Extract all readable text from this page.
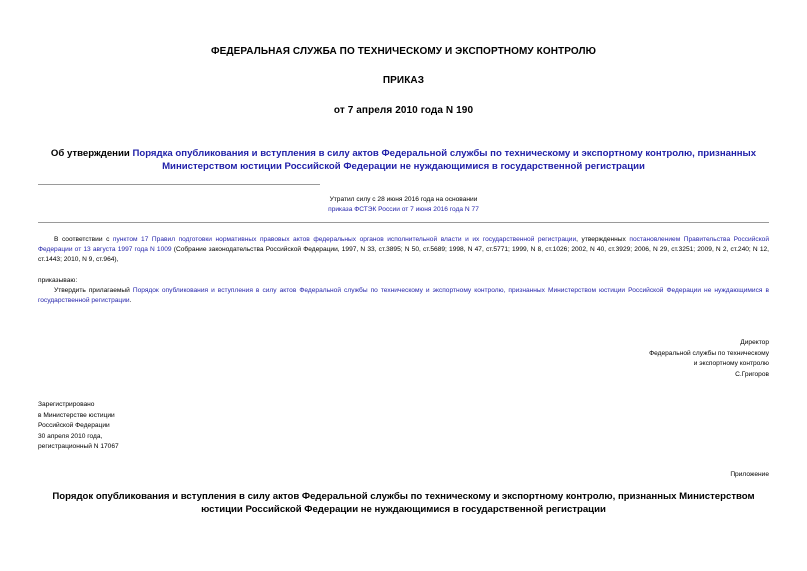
ФЕДЕРАЛЬНАЯ СЛУЖБА ПО ТЕХНИЧЕСКОМУ И ЭКСПОРТНОМУ КОНТРОЛЮ
ПРИКАЗ
от 7 апреля 2010 года N 190
Об утверждении Порядка опубликования и вступления в силу актов Федеральной службы по техническому и экспортному контролю, признанных Министерством юстиции Российской Федерации не нуждающимися в государственной регистрации
Утратил силу с 28 июня 2016 года на основании
приказа ФСТЭК России от 7 июня 2016 года N 77
В соответствии с пунктом 17 Правил подготовки нормативных правовых актов федеральных органов исполнительной власти и их государственной регистрации, утвержденных постановлением Правительства Российской Федерации от 13 августа 1997 года N 1009 (Собрание законодательства Российской Федерации, 1997, N 33, ст.3895; N 50, ст.5689; 1998, N 47, ст.5771; 1999, N 8, ст.1026; 2002, N 40, ст.3929; 2006, N 29, ст.3251; 2009, N 2, ст.240; N 12, ст.1443; 2010, N 9, ст.964),
приказываю:
Утвердить прилагаемый Порядок опубликования и вступления в силу актов Федеральной службы по техническому и экспортному контролю, признанных Министерством юстиции Российской Федерации не нуждающимися в государственной регистрации.
Директор
Федеральной службы по техническому
и экспортному контролю
С.Григоров
Зарегистрировано
в Министерстве юстиции
Российской Федерации
30 апреля 2010 года,
регистрационный N 17067
Приложение
Порядок опубликования и вступления в силу актов Федеральной службы по техническому и экспортному контролю, признанных Министерством юстиции Российской Федерации не нуждающимися в государственной регистрации
